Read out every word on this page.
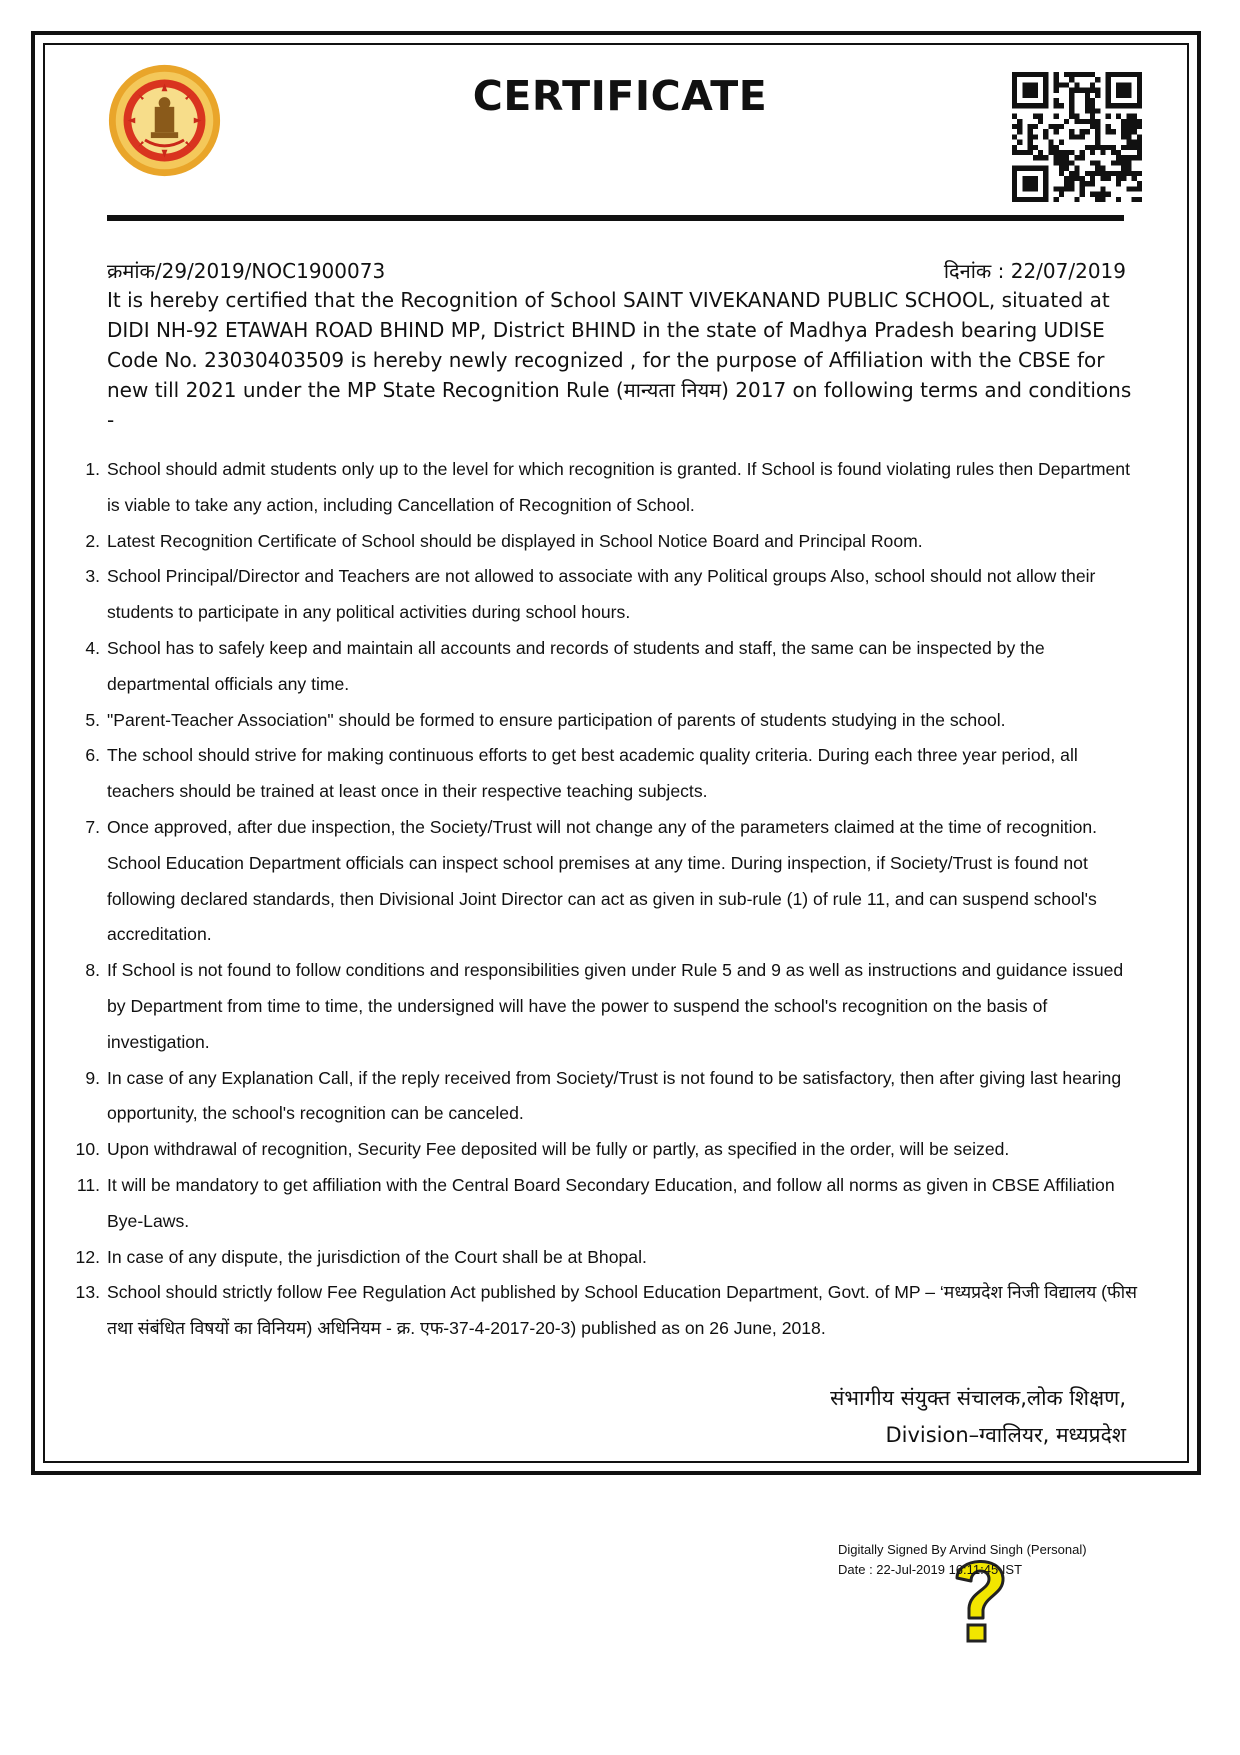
CERTIFICATE
क्रमांक/29/2019/NOC1900073	दिनांक : 22/07/2019
It is hereby certified that the Recognition of School SAINT VIVEKANAND PUBLIC SCHOOL, situated at DIDI NH-92 ETAWAH ROAD BHIND MP, District BHIND in the state of Madhya Pradesh bearing UDISE Code No. 23030403509 is hereby newly recognized , for the purpose of Affiliation with the CBSE for new till 2021 under the MP State Recognition Rule (मान्यता नियम) 2017 on following terms and conditions -
1. School should admit students only up to the level for which recognition is granted. If School is found violating rules then Department is viable to take any action, including Cancellation of Recognition of School.
2. Latest Recognition Certificate of School should be displayed in School Notice Board and Principal Room.
3. School Principal/Director and Teachers are not allowed to associate with any Political groups Also, school should not allow their students to participate in any political activities during school hours.
4. School has to safely keep and maintain all accounts and records of students and staff, the same can be inspected by the departmental officials any time.
5. "Parent-Teacher Association" should be formed to ensure participation of parents of students studying in the school.
6. The school should strive for making continuous efforts to get best academic quality criteria. During each three year period, all teachers should be trained at least once in their respective teaching subjects.
7. Once approved, after due inspection, the Society/Trust will not change any of the parameters claimed at the time of recognition. School Education Department officials can inspect school premises at any time. During inspection, if Society/Trust is found not following declared standards, then Divisional Joint Director can act as given in sub-rule (1) of rule 11, and can suspend school's accreditation.
8. If School is not found to follow conditions and responsibilities given under Rule 5 and 9 as well as instructions and guidance issued by Department from time to time, the undersigned will have the power to suspend the school's recognition on the basis of investigation.
9. In case of any Explanation Call, if the reply received from Society/Trust is not found to be satisfactory, then after giving last hearing opportunity, the school's recognition can be canceled.
10. Upon withdrawal of recognition, Security Fee deposited will be fully or partly, as specified in the order, will be seized.
11. It will be mandatory to get affiliation with the Central Board Secondary Education, and follow all norms as given in CBSE Affiliation Bye-Laws.
12. In case of any dispute, the jurisdiction of the Court shall be at Bhopal.
13. School should strictly follow Fee Regulation Act published by School Education Department, Govt. of MP – ‘मध्यप्रदेश निजी विद्यालय (फीस तथा संबंधित विषयों का विनियम) अधिनियम - क्र. एफ-37-4-2017-20-3) published as on 26 June, 2018.
संभागीय संयुक्त संचालक,लोक शिक्षण,
Division–ग्वालियर, मध्यप्रदेश
Digitally Signed By Arvind Singh (Personal)
Date : 22-Jul-2019 16:11:45 IST
